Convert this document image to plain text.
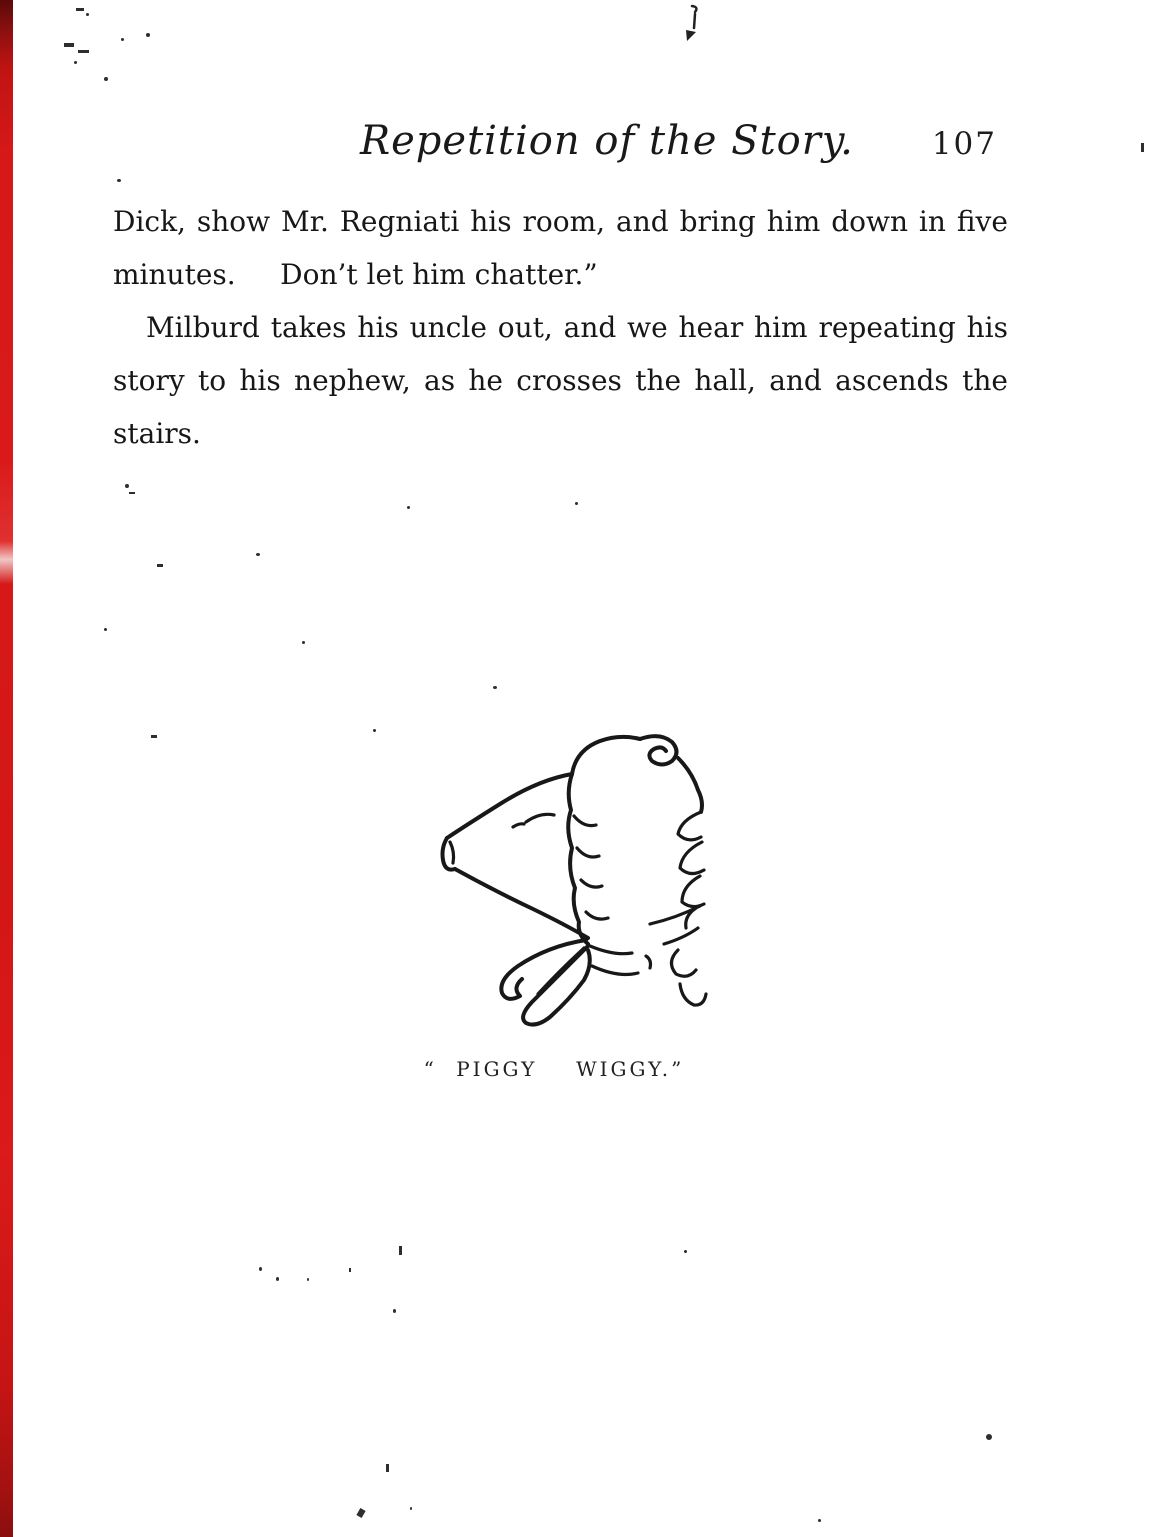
Repetition of the Story.	107
Dick, show Mr. Regniati his room, and bring him down in five
minutes.     Don’t let him chatter.”
Milburd takes his uncle out, and we hear him repeating his
story to his nephew, as he crosses the hall, and ascends the
stairs.
“ PIGGY  WIGGY.”
